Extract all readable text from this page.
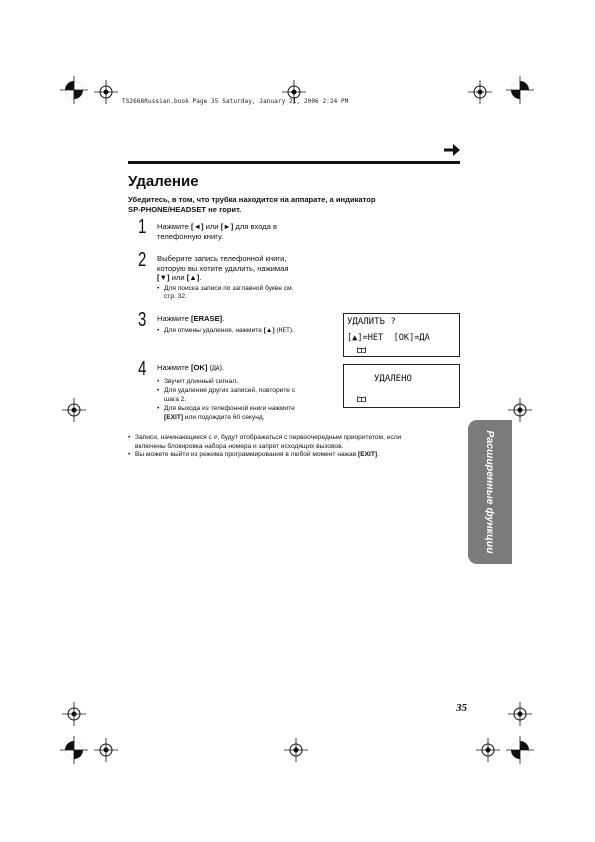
TS2668Russian.book Page 35 Saturday, January 21, 2006 2:24 PM
Удаление
Убедитесь, в том, что трубка находится на аппарате, а индикатор
SP-PHONE/HEADSET не горит.
1 Нажмите [◄] или [►] для входа в
телефонную книгу.
2 Выберите запись телефонной книги,
которую вы хотите удалить, нажимая
[▼] или [▲].
• Для поиска записи по заглавной букве см.
стр. 32.
3 Нажмите [ERASE].
• Для отмены удаления, нажмите [▲] (НЕТ).
УДАЛИТЬ ?
[▲]=НЕТ  [OK]=ДА
4 Нажмите [OK] (ДА).
• Звучит длинный сигнал.
• Для удаления других записей, повторите с
шага 2.
• Для выхода из телефонной книги нажмите
[EXIT] или подождите 60 секунд.
УДАЛЕНО
• Записи, начинающиеся с #, будут отображаться с первоочередным приоритетом, если
включены блокировка набора номера и запрет исходящих вызовов.
• Вы можете выйти из режима программирования в любой момент нажав [EXIT].	Расширенные функции
35
